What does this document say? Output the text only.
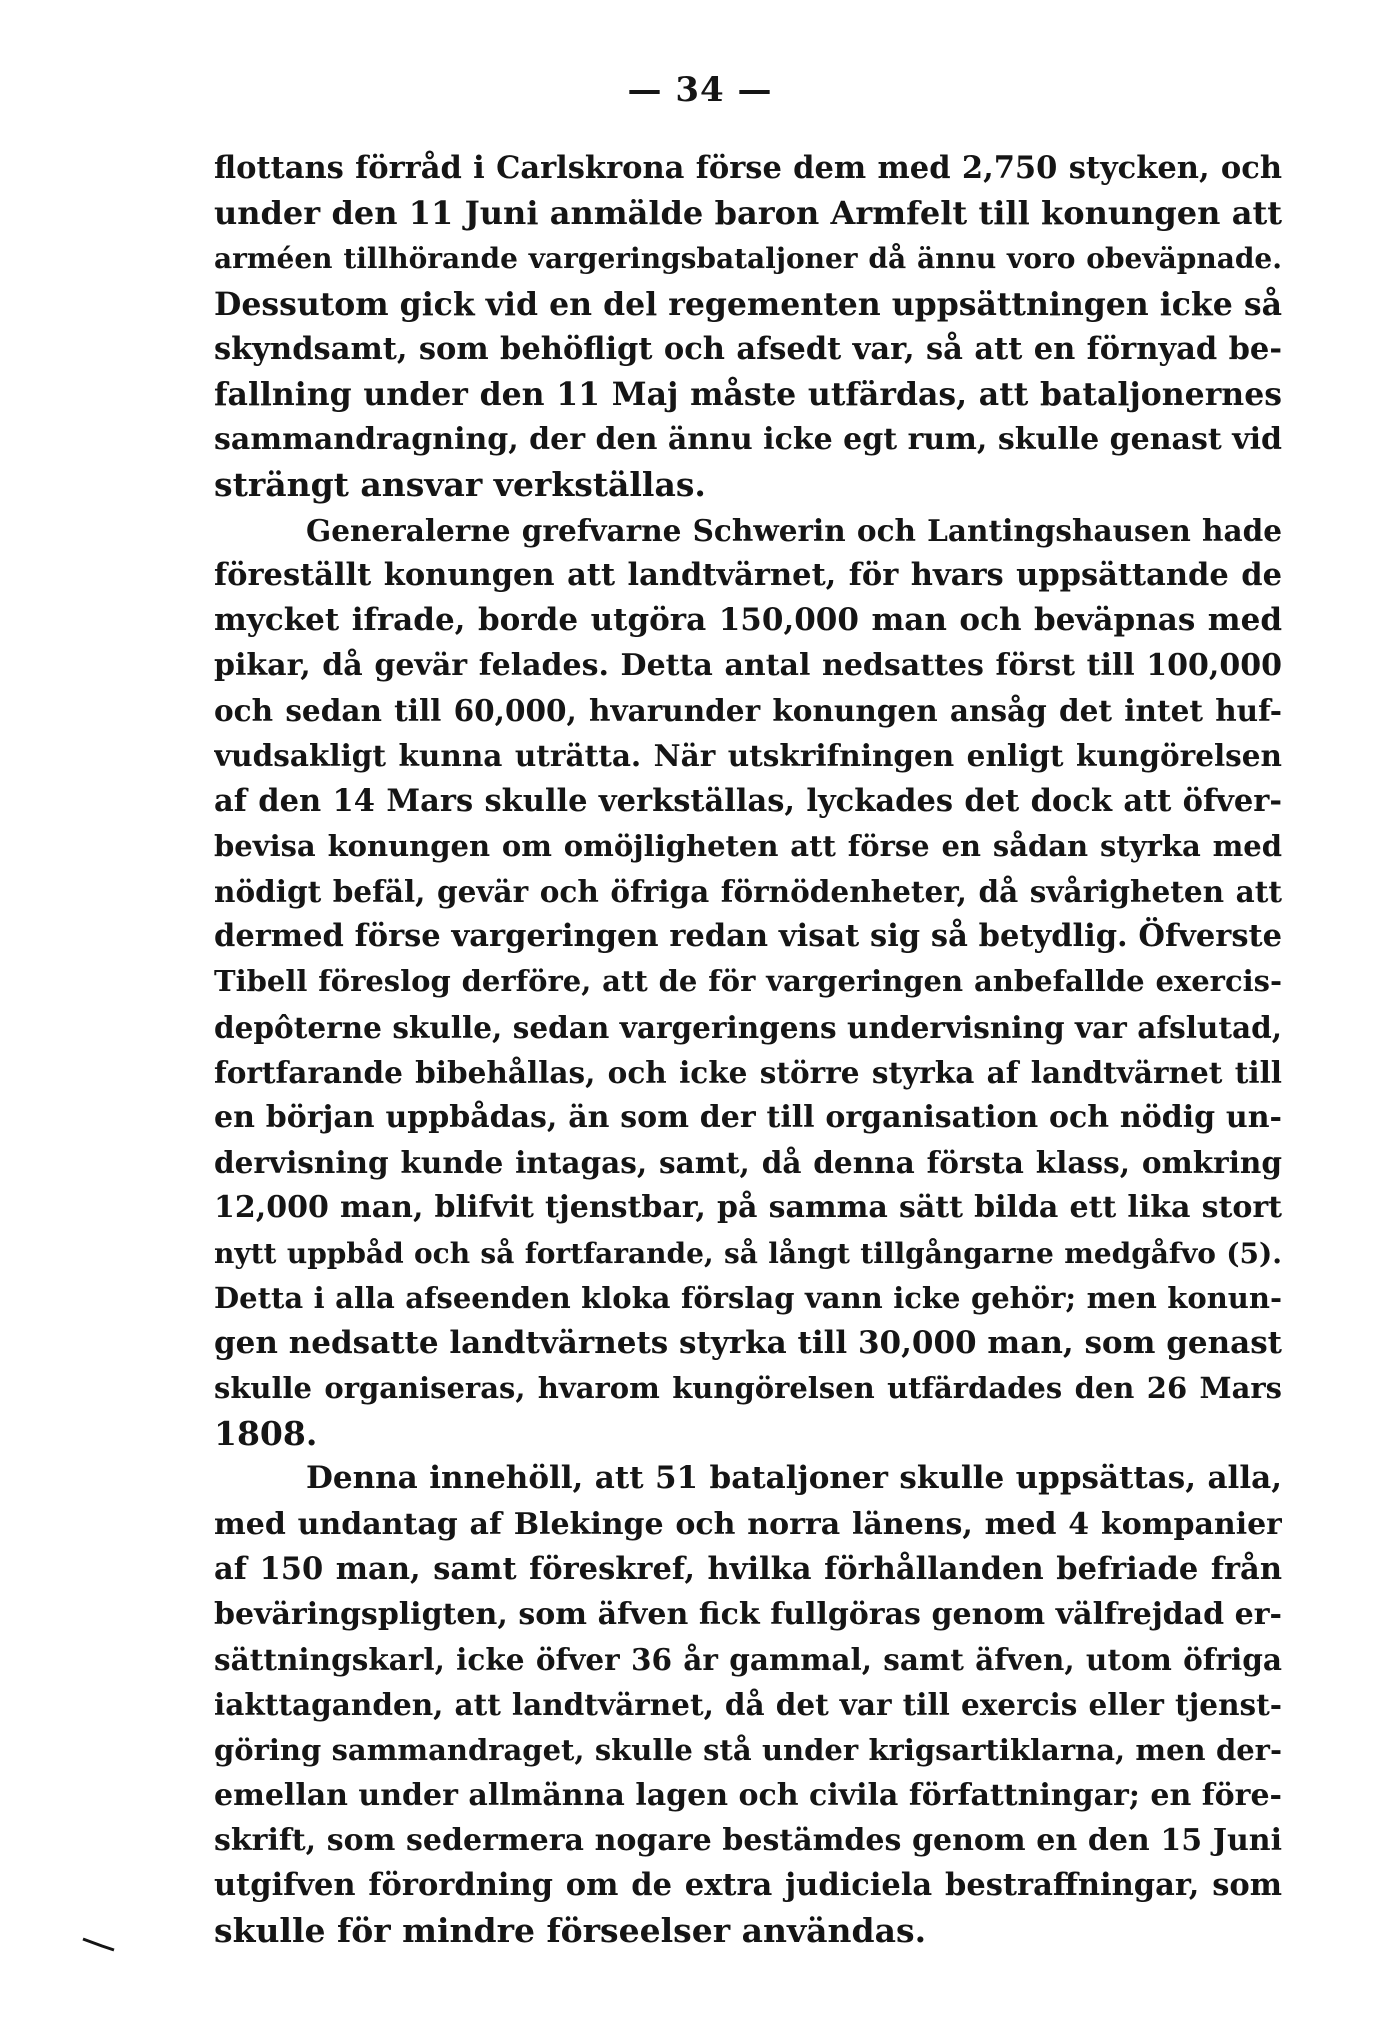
— 34 —
flottans förråd i Carlskrona förse dem med 2,750 stycken, och
under den 11 Juni anmälde baron Armfelt till konungen att
arméen tillhörande vargeringsbataljoner då ännu voro obeväpnade.
Dessutom gick vid en del regementen uppsättningen icke så
skyndsamt, som behöfligt och afsedt var, så att en förnyad be-
fallning under den 11 Maj måste utfärdas, att bataljonernes
sammandragning, der den ännu icke egt rum, skulle genast vid
strängt ansvar verkställas.
Generalerne grefvarne Schwerin och Lantingshausen hade
föreställt konungen att landtvärnet, för hvars uppsättande de
mycket ifrade, borde utgöra 150,000 man och beväpnas med
pikar, då gevär felades. Detta antal nedsattes först till 100,000
och sedan till 60,000, hvarunder konungen ansåg det intet huf-
vudsakligt kunna uträtta. När utskrifningen enligt kungörelsen
af den 14 Mars skulle verkställas, lyckades det dock att öfver-
bevisa konungen om omöjligheten att förse en sådan styrka med
nödigt befäl, gevär och öfriga förnödenheter, då svårigheten att
dermed förse vargeringen redan visat sig så betydlig. Öfverste
Tibell föreslog derföre, att de för vargeringen anbefallde exercis-
depôterne skulle, sedan vargeringens undervisning var afslutad,
fortfarande bibehållas, och icke större styrka af landtvärnet till
en början uppbådas, än som der till organisation och nödig un-
dervisning kunde intagas, samt, då denna första klass, omkring
12,000 man, blifvit tjenstbar, på samma sätt bilda ett lika stort
nytt uppbåd och så fortfarande, så långt tillgångarne medgåfvo (5).
Detta i alla afseenden kloka förslag vann icke gehör; men konun-
gen nedsatte landtvärnets styrka till 30,000 man, som genast
skulle organiseras, hvarom kungörelsen utfärdades den 26 Mars
1808.
Denna innehöll, att 51 bataljoner skulle uppsättas, alla,
med undantag af Blekinge och norra länens, med 4 kompanier
af 150 man, samt föreskref, hvilka förhållanden befriade från
beväringspligten, som äfven fick fullgöras genom välfrejdad er-
sättningskarl, icke öfver 36 år gammal, samt äfven, utom öfriga
iakttaganden, att landtvärnet, då det var till exercis eller tjenst-
göring sammandraget, skulle stå under krigsartiklarna, men der-
emellan under allmänna lagen och civila författningar; en före-
skrift, som sedermera nogare bestämdes genom en den 15 Juni
utgifven förordning om de extra judiciela bestraffningar, som
skulle för mindre förseelser användas.
